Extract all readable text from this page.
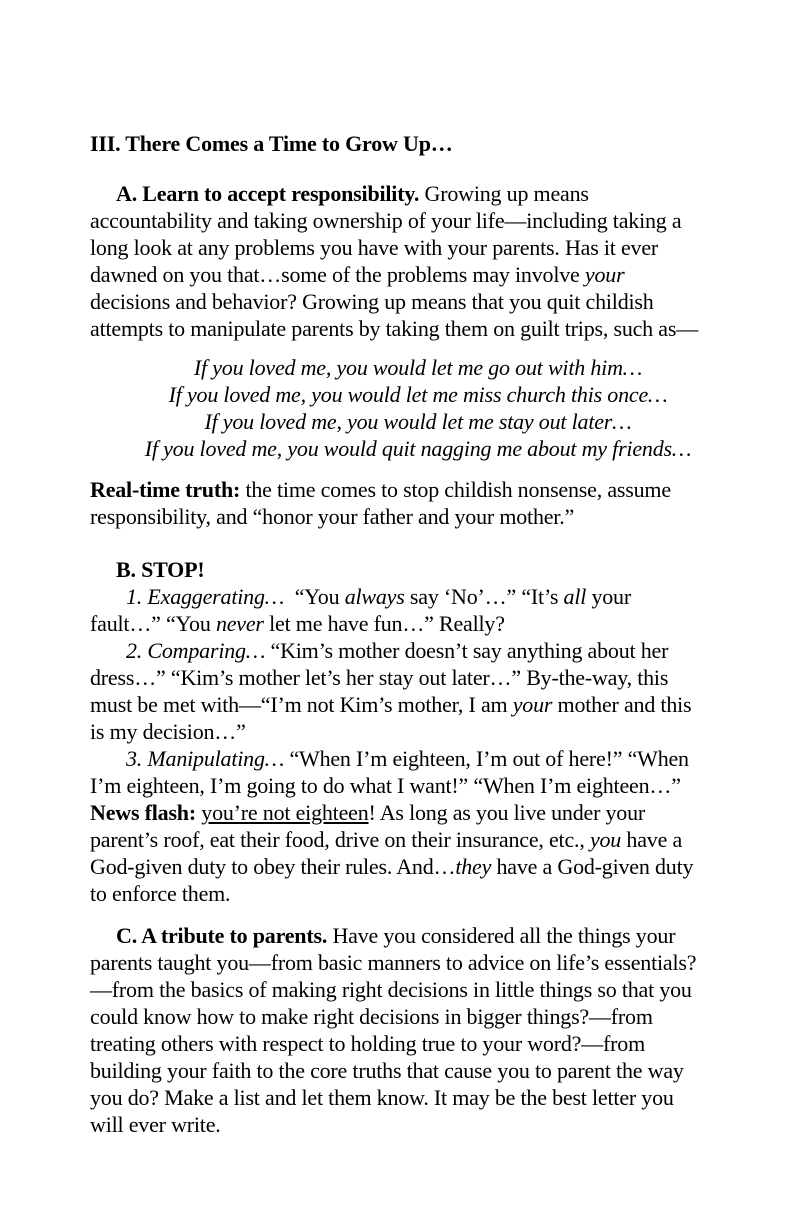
III. There Comes a Time to Grow Up…

A. Learn to accept responsibility. Growing up means
accountability and taking ownership of your life—including taking a
long look at any problems you have with your parents. Has it ever
dawned on you that…some of the problems may involve your
decisions and behavior? Growing up means that you quit childish
attempts to manipulate parents by taking them on guilt trips, such as—

If you loved me, you would let me go out with him…

If you loved me, you would let me miss church this once…

If you loved me, you would let me stay out later…

If you loved me, you would quit nagging me about my friends…

Real-time truth: the time comes to stop childish nonsense, assume
responsibility, and “honor your father and your mother.”

B. STOP!

1. Exaggerating…  “You always say ‘No’…” “It’s all your
fault…” “You never let me have fun…” Really?

2. Comparing… “Kim’s mother doesn’t say anything about her
dress…” “Kim’s mother let’s her stay out later…” By-the-way, this
must be met with—“I’m not Kim’s mother, I am your mother and this
is my decision…”

3. Manipulating… “When I’m eighteen, I’m out of here!” “When
I’m eighteen, I’m going to do what I want!” “When I’m eighteen…”
News flash: you’re not eighteen! As long as you live under your
parent’s roof, eat their food, drive on their insurance, etc., you have a
God-given duty to obey their rules. And…they have a God-given duty
to enforce them.

C. A tribute to parents. Have you considered all the things your
parents taught you—from basic manners to advice on life’s essentials?
—from the basics of making right decisions in little things so that you
could know how to make right decisions in bigger things?—from
treating others with respect to holding true to your word?—from
building your faith to the core truths that cause you to parent the way
you do? Make a list and let them know. It may be the best letter you
will ever write.
